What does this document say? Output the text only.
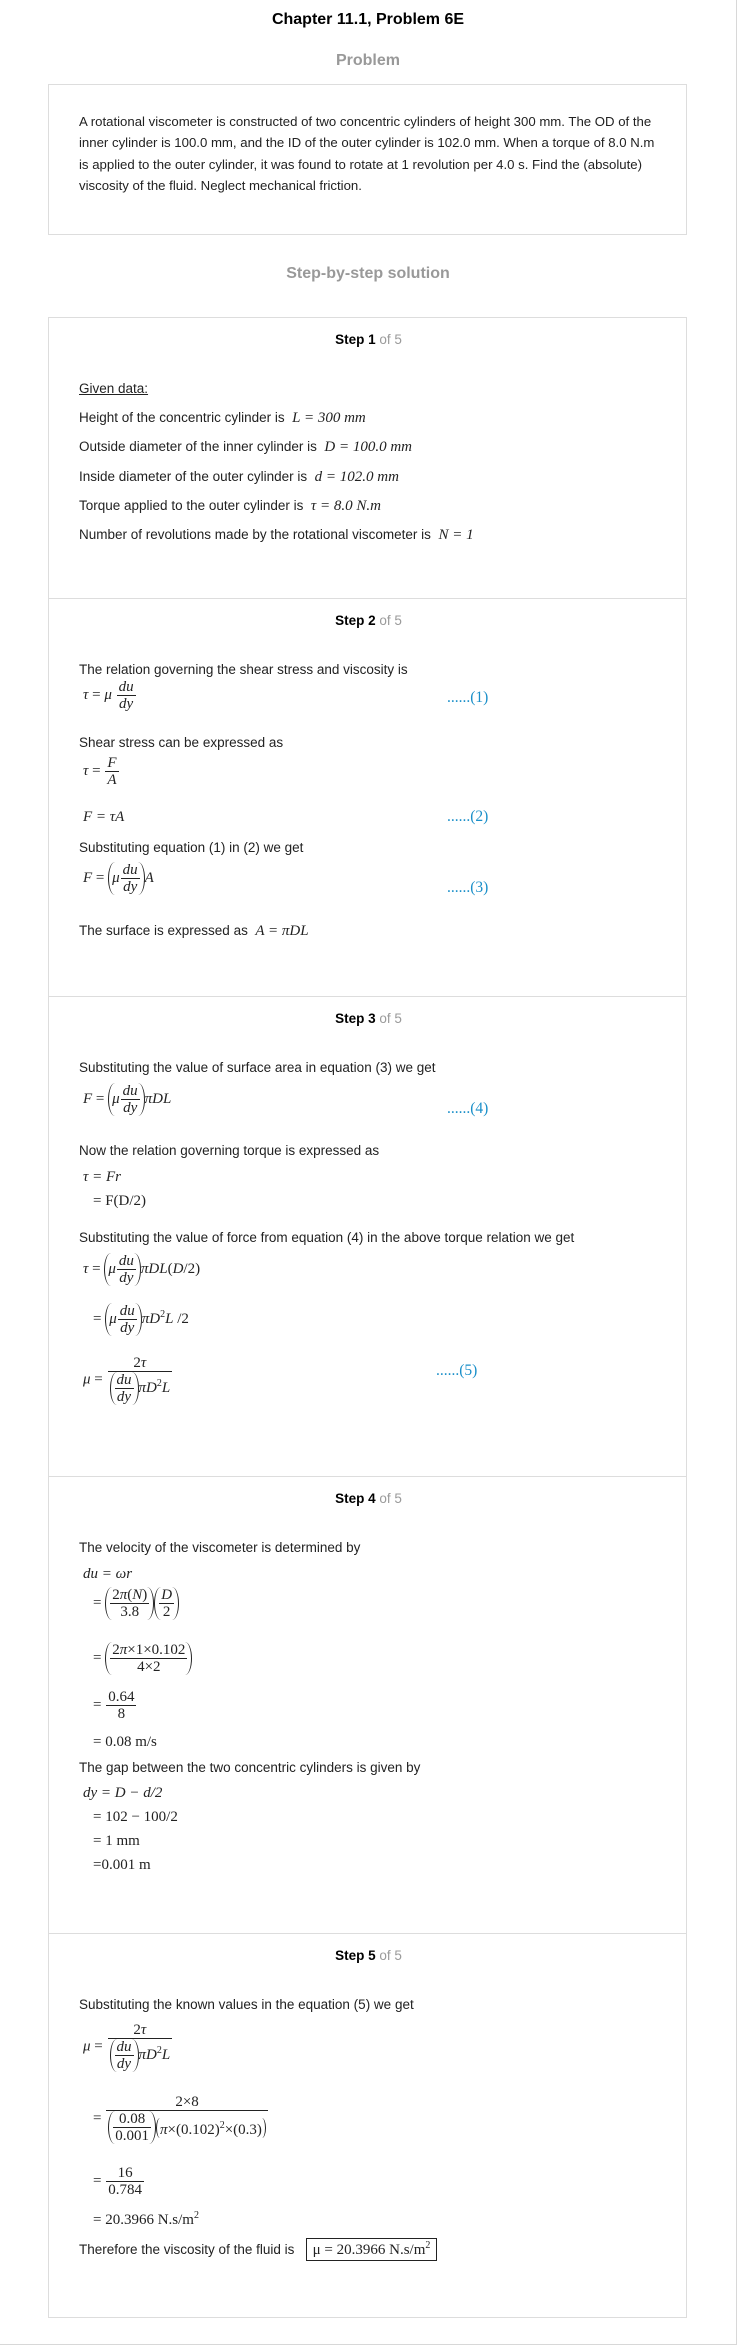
Chapter 11.1, Problem 6E
Problem
A rotational viscometer is constructed of two concentric cylinders of height 300 mm. The OD of the inner cylinder is 100.0 mm, and the ID of the outer cylinder is 102.0 mm. When a torque of 8.0 N.m is applied to the outer cylinder, it was found to rotate at 1 revolution per 4.0 s. Find the (absolute) viscosity of the fluid. Neglect mechanical friction.
Step-by-step solution
Step 1 of 5
Given data:
Height of the concentric cylinder is L = 300 mm
Outside diameter of the inner cylinder is D = 100.0 mm
Inside diameter of the outer cylinder is d = 102.0 mm
Torque applied to the outer cylinder is τ = 8.0 N.m
Number of revolutions made by the rotational viscometer is N = 1
Step 2 of 5
The relation governing the shear stress and viscosity is
τ = μ $\frac{du}{dy}$	......(1)
Shear stress can be expressed as
$\tau = \frac{F}{A}$
F = τA	......(2)
Substituting equation (1) in (2) we get
F = μ $\frac{du}{dy}$ A
......(3)
The surface is expressed as A = πDL
Step 3 of 5
Substituting the value of surface area in equation (3) we get
F = μ $\frac{du}{dy}$ πDL
......(4)
Now the relation governing torque is expressed as
τ = Fr
= F(D/2)
Substituting the value of force from equation (4) in the above torque relation we get
τ = μ $\frac{du}{dy} \pi DL(D/2)$
= μ $\frac{du}{dy} \pi D^2L$ /2
$\mu = \frac{2\tau}{\frac{du}{dy} \pi D^2L}$	......(5)
Step 4 of 5
The velocity of the viscometer is determined by
du = ωr
= $\frac{2\pi(N)}{3.8} \frac{D}{2}$
= $\frac{2\pi\times 1\times 0.102}{4\times 2}$
= $\frac{0.64}{8}$
= 0.08 m/s
The gap between the two concentric cylinders is given by
dy = D − d/2
= 102 − 100/2
= 1 mm
=0.001 m
Step 5 of 5
Substituting the known values in the equation (5) we get
$\mu = \frac{2\tau}{\frac{du}{dy} \pi D^2L}$
= $\frac{2\times 8}{\frac{0.08}{0.001} \pi\times(0.102)^2\times(0.3)}$
= $\frac{16}{0.784}$
= 20.3966 $N.s/m^2$
Therefore the viscosity of the fluid is μ = 20.3966 $N.s/m^2$
